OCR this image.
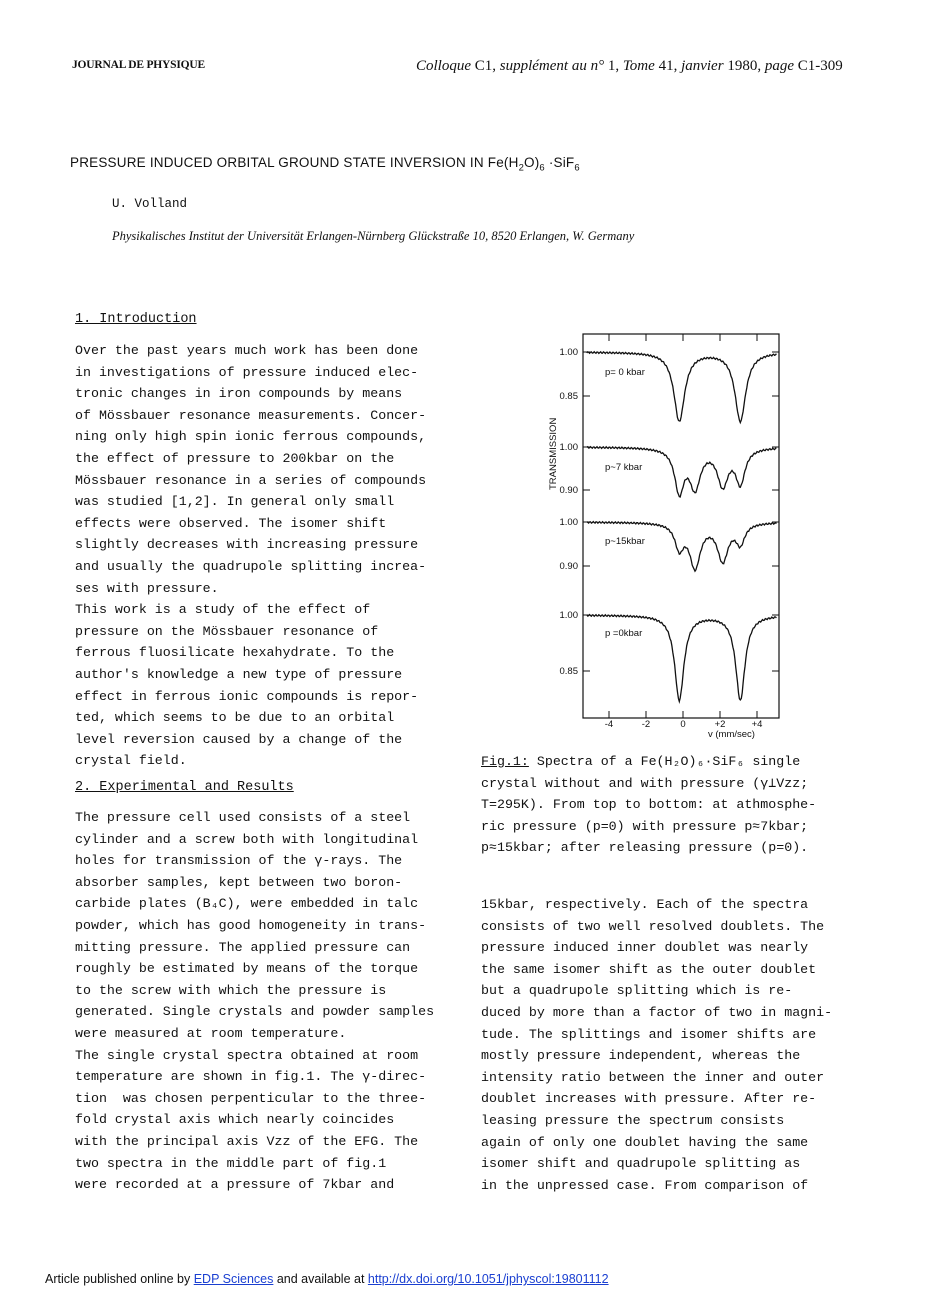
JOURNAL DE PHYSIQUE	Colloque C1, supplément au n° 1, Tome 41, janvier 1980, page C1-309
PRESSURE INDUCED ORBITAL GROUND STATE INVERSION IN $Fe(H_2O)_6 \cdot SiF_6$
U. Volland
Physikalisches Institut der Universität Erlangen-Nürnberg Glückstraße 10, 8520 Erlangen, W. Germany
1. Introduction
Over the past years much work has been done
in investigations of pressure induced elec-
tronic changes in iron compounds by means
of Mössbauer resonance measurements. Concer-
ning only high spin ionic ferrous compounds,
the effect of pressure to 200kbar on the
Mössbauer resonance in a series of compounds
was studied [1,2]. In general only small
effects were observed. The isomer shift
slightly decreases with increasing pressure
and usually the quadrupole splitting increa-
ses with pressure.
This work is a study of the effect of
pressure on the Mössbauer resonance of
ferrous fluosilicate hexahydrate. To the
author's knowledge a new type of pressure
effect in ferrous ionic compounds is repor-
ted, which seems to be due to an orbital
level reversion caused by a change of the
crystal field.
2. Experimental and Results
The pressure cell used consists of a steel
cylinder and a screw both with longitudinal
holes for transmission of the γ-rays. The
absorber samples, kept between two boron-
carbide plates (B₄C), were embedded in talc
powder, which has good homogeneity in trans-
mitting pressure. The applied pressure can
roughly be estimated by means of the torque
to the screw with which the pressure is
generated. Single crystals and powder samples
were measured at room temperature.
The single crystal spectra obtained at room
temperature are shown in fig.1. The γ-direc-
tion  was chosen perpenticular to the three-
fold crystal axis which nearly coincides
with the principal axis Vzz of the EFG. The
two spectra in the middle part of fig.1
were recorded at a pressure of 7kbar and
TRANSMISSION
1.00
0.85
p= 0 kbar
1.00
0.90
p~7 kbar
1.00
0.90
p~15kbar
1.00
0.85
p =0kbar
-4	-2	0	+2	+4
v (mm/sec)
Fig.1: Spectra of a Fe(H₂O)₆·SiF₆ single
crystal without and with pressure (γ⊥Vzz;
T=295K). From top to bottom: at athmosphe-
ric pressure (p=0) with pressure p≈7kbar;
p≈15kbar; after releasing pressure (p=0).
15kbar, respectively. Each of the spectra
consists of two well resolved doublets. The
pressure induced inner doublet was nearly
the same isomer shift as the outer doublet
but a quadrupole splitting which is re-
duced by more than a factor of two in magni-
tude. The splittings and isomer shifts are
mostly pressure independent, whereas the
intensity ratio between the inner and outer
doublet increases with pressure. After re-
leasing pressure the spectrum consists
again of only one doublet having the same
isomer shift and quadrupole splitting as
in the unpressed case. From comparison of
Article published online by EDP Sciences and available at http://dx.doi.org/10.1051/jphyscol:19801112
